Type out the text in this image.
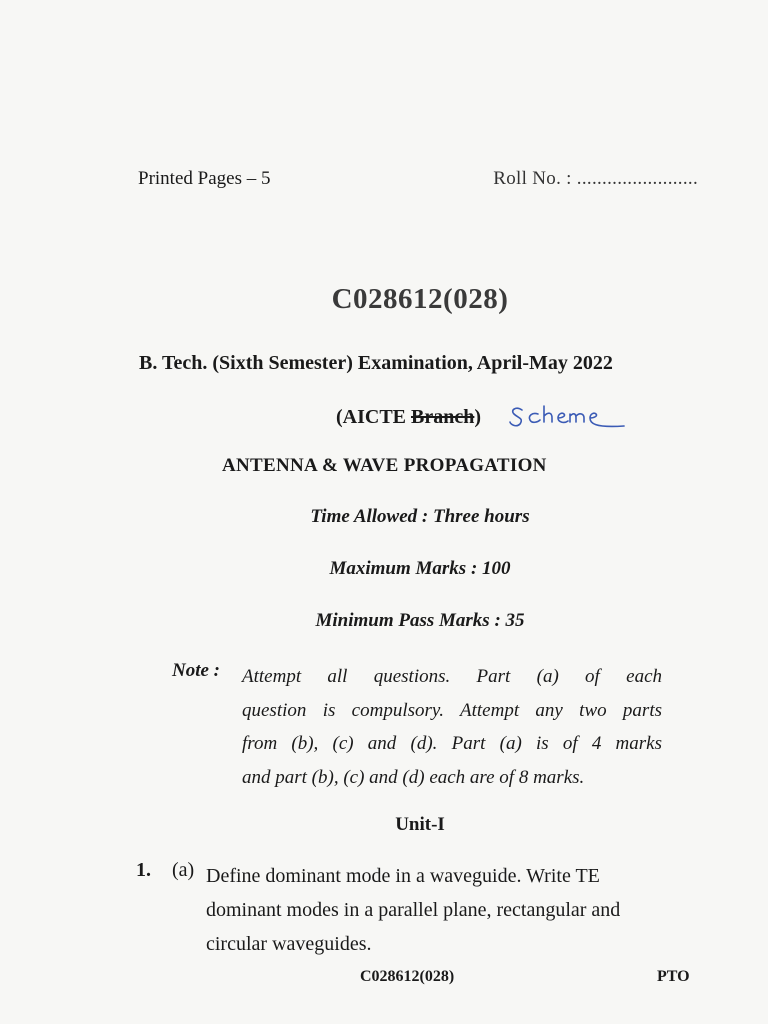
Printed Pages – 5	Roll No. : ........................
C028612(028)
B. Tech. (Sixth Semester) Examination, April-May 2022
(AICTE Branch)
ANTENNA & WAVE PROPAGATION
Time Allowed : Three hours
Maximum Marks : 100
Minimum Pass Marks : 35
Note : Attempt all questions. Part (a) of each
question is compulsory. Attempt any two parts
from (b), (c) and (d). Part (a) is of 4 marks
and part (b), (c) and (d) each are of 8 marks.
Unit-I
1. (a) Define dominant mode in a waveguide. Write TE
dominant modes in a parallel plane, rectangular and
circular waveguides.
C028612(028)	PTO
